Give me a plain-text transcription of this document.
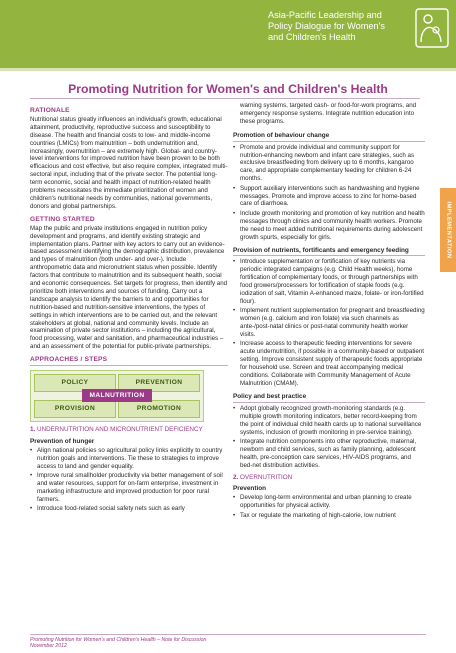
Asia-Pacific Leadership and
Policy Dialogue for Women's
and Children's Health
Promoting Nutrition for Women's and Children's Health
IMPLEMENTATION
RATIONALE

Nutritional status greatly influences an individual's growth, educational attainment, productivity, reproductive success and susceptibility to disease. The health and financial costs to low- and middle-income countries (LMICs) from malnutrition – both undernutrition and, increasingly, overnutrition – are extremely high. Global- and country-level interventions for improved nutrition have been proven to be both efficacious and cost effective, but also require complex, integrated multi-sectoral input, including that of the private sector. The potential long-term economic, social and health impact of nutrition-related health problems necessitates the immediate prioritization of women and children's nutritional needs by communities, national governments, donors and global partnerships.

GETTING STARTED

Map the public and private institutions engaged in nutrition policy development and programs, and identify existing strategic and implementation plans. Partner with key actors to carry out an evidence-based assessment identifying the demographic distribution, prevalence and types of malnutrition (both under- and over-). Include anthropometric data and micronutrient status when possible. Identify factors that contribute to malnutrition and its subsequent health, social and economic consequences. Set targets for progress, then identify and prioritize both interventions and sources of funding. Carry out a landscape analysis to identify the barriers to and opportunities for nutrition-based and nutrition-sensitive interventions, the types of settings in which interventions are to be carried out, and the relevant stakeholders at global, national and community levels. Include an examination of private sector institutions – including the agricultural, food processing, water and sanitation, and pharmaceutical industries – and an assessment of the potential for public-private partnerships.

APPROACHES / STEPS
POLICY	PREVENTION
PROVISION	PROMOTION
MALNUTRITION
1. UNDERNUTRITION AND MICRONUTRIENT DEFICIENCY
Prevention of hunger
• Align national policies so agricultural policy links explicitly to country nutrition goals and interventions. Tie these to strategies to improve access to land and gender equality.
• Improve rural smallholder productivity via better management of soil and water resources, support for on-farm enterprise, investment in marketing infrastructure and improved production for poor rural farmers.
• Introduce food-related social safety nets such as early

warning systems, targeted cash- or food-for-work programs, and emergency response systems. Integrate nutrition education into these programs.

Promotion of behaviour change
• Promote and provide individual and community support for nutrition-enhancing newborn and infant care strategies, such as exclusive breastfeeding from delivery up to 6 months, kangaroo care, and appropriate complementary feeding for children 6-24 months.
• Support auxiliary interventions such as handwashing and hygiene messages. Promote and improve access to zinc for home-based care of diarrhoea.
• Include growth monitoring and promotion of key nutrition and health messages through clinics and community health workers. Promote the need to meet added nutritional requirements during adolescent growth spurts, especially for girls.
Provision of nutrients, fortificants and emergency feeding
• Introduce supplementation or fortification of key nutrients via periodic integrated campaigns (e.g. Child Health weeks), home fortification of complementary foods, or through partnerships with food growers/processers for fortification of staple foods (e.g. iodization of salt, Vitamin A-enhanced maize, folate- or iron-fortified flour).
• Implement nutrient supplementation for pregnant and breastfeeding women (e.g. calcium and iron folate) via such channels as ante-/post-natal clinics or post-natal community health worker visits.
• Increase access to therapeutic feeding interventions for severe acute undernutrition, if possible in a community-based or outpatient setting. Improve consistent supply of therapeutic foods appropriate for household use. Screen and treat accompanying medical conditions. Collaborate with Community Management of Acute Malnutrition (CMAM).
Policy and best practice
• Adopt globally recognized growth-monitoring standards (e.g. multiple growth monitoring indicators, better record-keeping from the point of individual child health cards up to national surveillance systems, inclusion of growth monitoring in pre-service training).
• Integrate nutrition components into other reproductive, maternal, newborn and child services, such as family planning, adolescent health, pre-conception care services, HIV-AIDS programs, and bed-net distribution activities.
2. OVERNUTRITION
Prevention
• Develop long-term environmental and urban planning to create opportunities for physical activity.
• Tax or regulate the marketing of high-calorie, low nutrient
Promoting Nutrition for Women's and Children's Health – Note for Discussion
November 2012
